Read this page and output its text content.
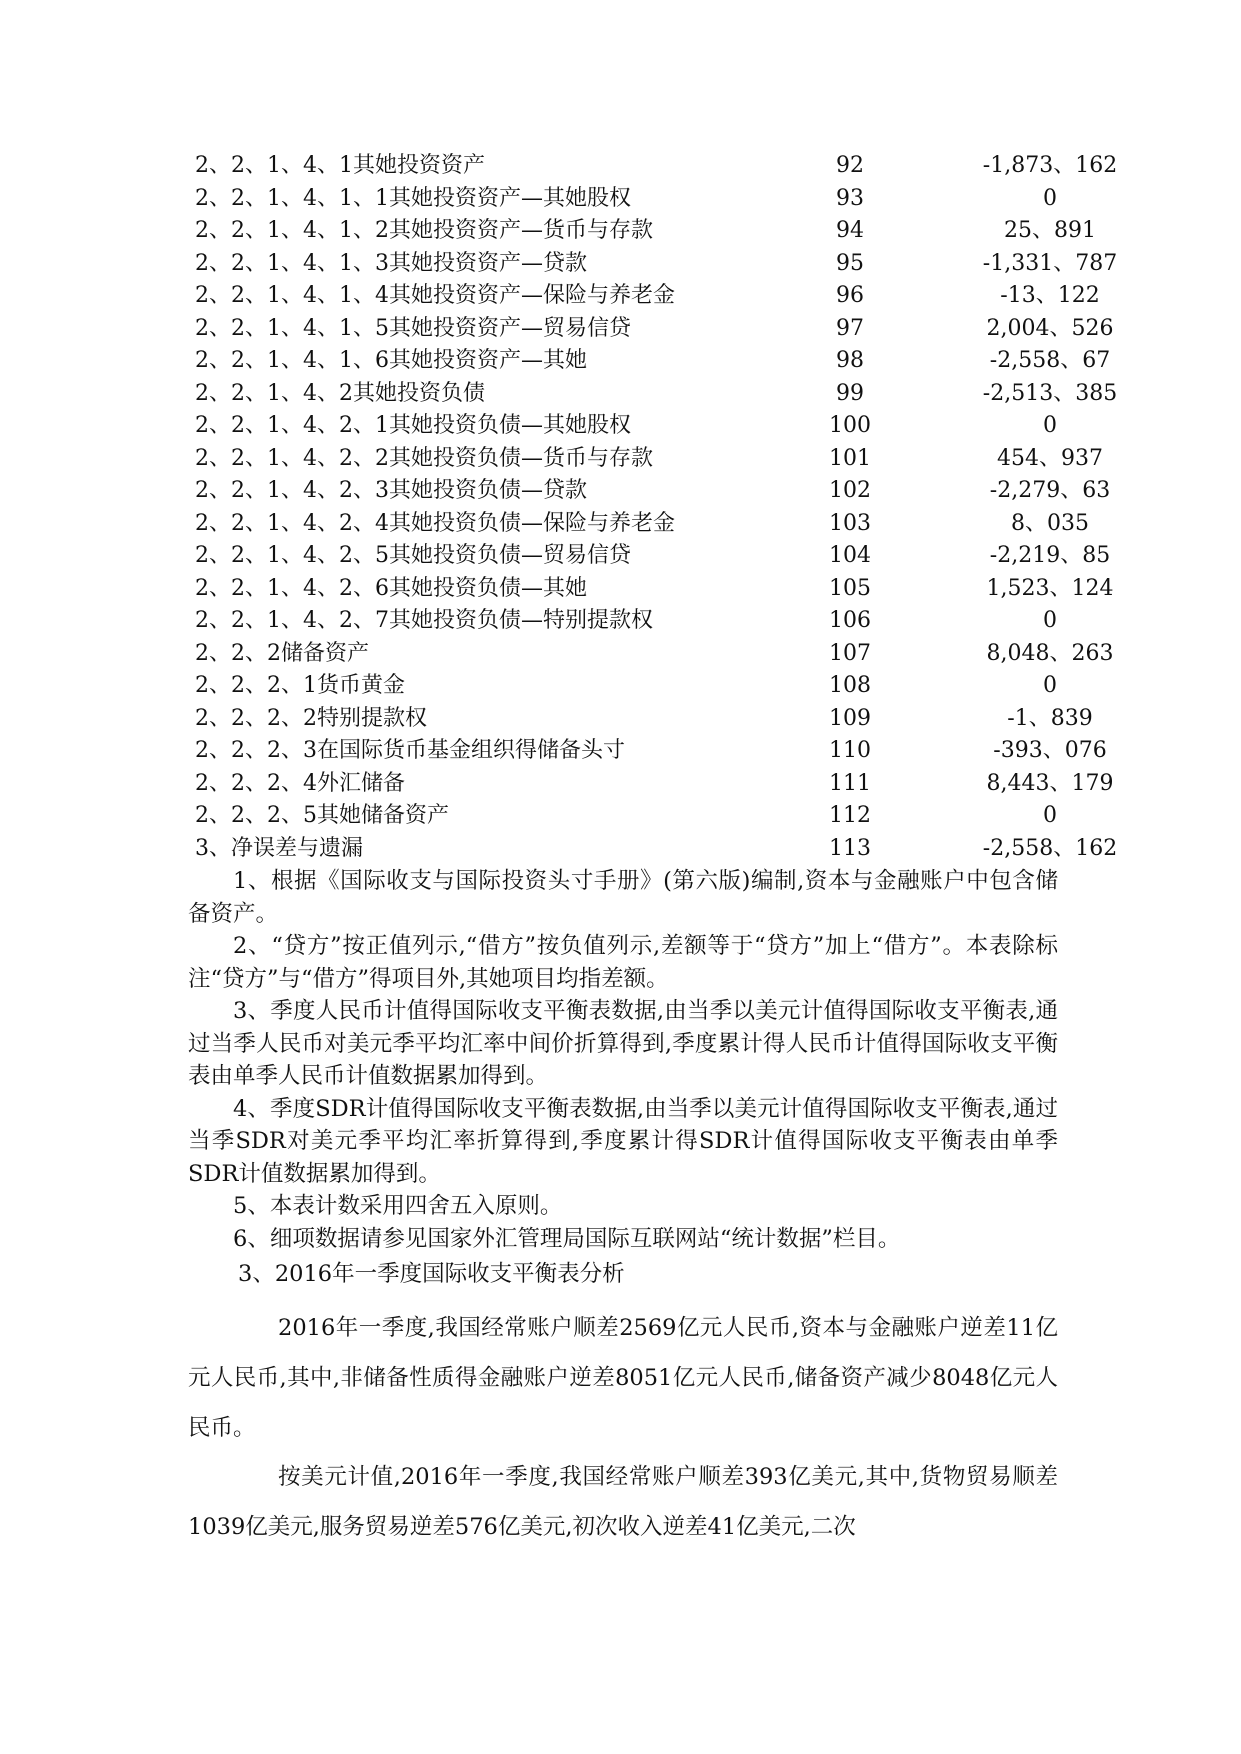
2、2、1、4、1其她投资资产	92	-1,873、162
2、2、1、4、1、1其她投资资产—其她股权	93	0
2、2、1、4、1、2其她投资资产—货币与存款	94	25、891
2、2、1、4、1、3其她投资资产—贷款	95	-1,331、787
2、2、1、4、1、4其她投资资产—保险与养老金	96	-13、122
2、2、1、4、1、5其她投资资产—贸易信贷	97	2,004、526
2、2、1、4、1、6其她投资资产—其她	98	-2,558、67
2、2、1、4、2其她投资负债	99	-2,513、385
2、2、1、4、2、1其她投资负债—其她股权	100	0
2、2、1、4、2、2其她投资负债—货币与存款	101	454、937
2、2、1、4、2、3其她投资负债—贷款	102	-2,279、63
2、2、1、4、2、4其她投资负债—保险与养老金	103	8、035
2、2、1、4、2、5其她投资负债—贸易信贷	104	-2,219、85
2、2、1、4、2、6其她投资负债—其她	105	1,523、124
2、2、1、4、2、7其她投资负债—特别提款权	106	0
2、2、2储备资产	107	8,048、263
2、2、2、1货币黄金	108	0
2、2、2、2特别提款权	109	-1、839
2、2、2、3在国际货币基金组织得储备头寸	110	-393、076
2、2、2、4外汇储备	111	8,443、179
2、2、2、5其她储备资产	112	0
3、净误差与遗漏	113	-2,558、162

1、根据《国际收支与国际投资头寸手册》(第六版)编制,资本与金融账户中包含储备资产。

2、“贷方”按正值列示,“借方”按负值列示,差额等于“贷方”加上“借方”。本表除标注“贷方”与“借方”得项目外,其她项目均指差额。

3、季度人民币计值得国际收支平衡表数据,由当季以美元计值得国际收支平衡表,通过当季人民币对美元季平均汇率中间价折算得到,季度累计得人民币计值得国际收支平衡表由单季人民币计值数据累加得到。

4、季度SDR计值得国际收支平衡表数据,由当季以美元计值得国际收支平衡表,通过当季SDR对美元季平均汇率折算得到,季度累计得SDR计值得国际收支平衡表由单季SDR计值数据累加得到。

5、本表计数采用四舍五入原则。

6、细项数据请参见国家外汇管理局国际互联网站“统计数据”栏目。

3、2016年一季度国际收支平衡表分析

2016年一季度,我国经常账户顺差2569亿元人民币,资本与金融账户逆差11亿元人民币,其中,非储备性质得金融账户逆差8051亿元人民币,储备资产减少8048亿元人民币。

按美元计值,2016年一季度,我国经常账户顺差393亿美元,其中,货物贸易顺差1039亿美元,服务贸易逆差576亿美元,初次收入逆差41亿美元,二次
